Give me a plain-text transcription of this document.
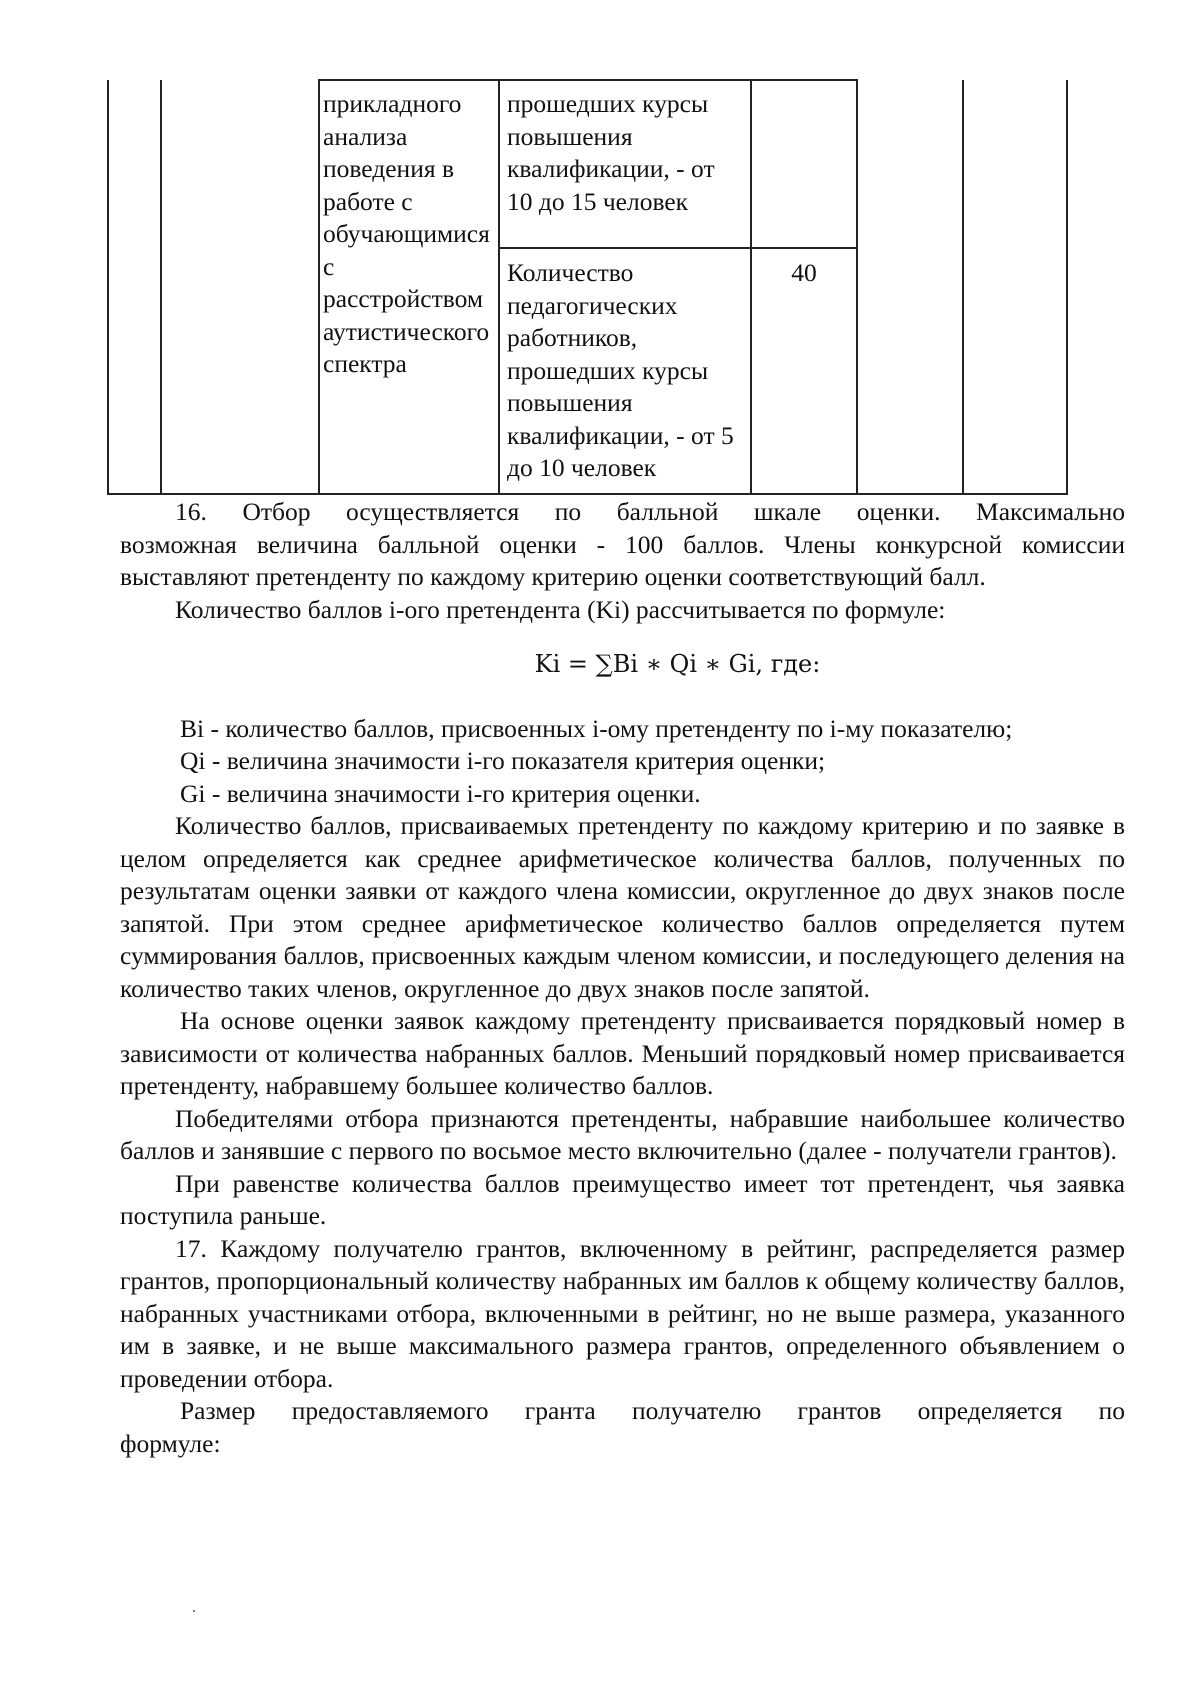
прикладного
анализа
поведения в
работе с
обучающимися
с
расстройством
аутистического
спектра
прошедших курсы
повышения
квалификации, - от
10 до 15 человек
Количество
педагогических
работников,
прошедших курсы
повышения
квалификации, - от 5
до 10 человек
40

16. Отбор осуществляется по балльной шкале оценки. Максимально

возможная величина балльной оценки - 100 баллов. Члены конкурсной комиссии выставляют претенденту по каждому критерию оценки соответствующий балл.

Количество баллов i-ого претендента (Ki) рассчитывается по формуле:

Ki = ∑Bi ∗ Qi ∗ Gi, где:

Bi - количество баллов, присвоенных i-ому претенденту по i-му показателю;

Qi - величина значимости i-го показателя критерия оценки;

Gi - величина значимости i-го критерия оценки.

Количество баллов, присваиваемых претенденту по каждому критерию и по заявке в целом определяется как среднее арифметическое количества баллов, полученных по результатам оценки заявки от каждого члена комиссии, округленное до двух знаков после запятой. При этом среднее арифметическое количество баллов определяется путем суммирования баллов, присвоенных каждым членом комиссии, и последующего деления на количество таких членов, округленное до двух знаков после запятой.

На основе оценки заявок каждому претенденту присваивается порядковый номер в зависимости от количества набранных баллов. Меньший порядковый номер присваивается претенденту, набравшему большее количество баллов.

Победителями отбора признаются претенденты, набравшие наибольшее количество баллов и занявшие с первого по восьмое место включительно (далее - получатели грантов).

При равенстве количества баллов преимущество имеет тот претендент, чья заявка поступила раньше.

17. Каждому получателю грантов, включенному в рейтинг, распределяется размер грантов, пропорциональный количеству набранных им баллов к общему количеству баллов, набранных участниками отбора, включенными в рейтинг, но не выше размера, указанного им в заявке, и не выше максимального размера грантов, определенного объявлением о проведении отбора.

Размер предоставляемого гранта получателю грантов определяется по

формуле:
